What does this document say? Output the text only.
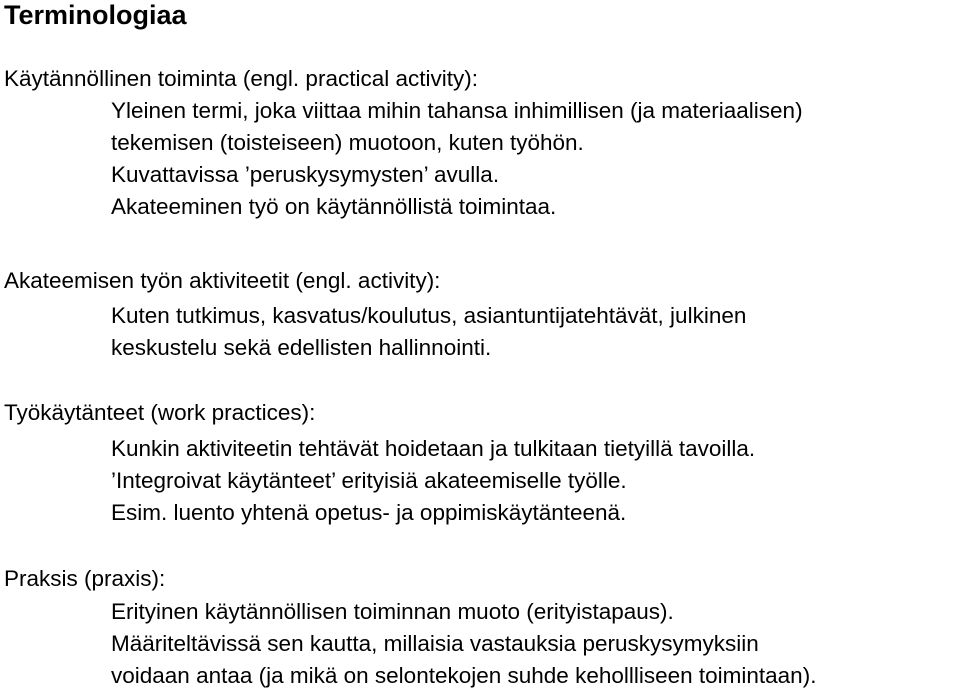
Terminologiaa

Käytännöllinen toiminta (engl. practical activity):

Yleinen termi, joka viittaa mihin tahansa inhimillisen (ja materiaalisen)

tekemisen (toisteiseen) muotoon, kuten työhön.

Kuvattavissa ’peruskysymysten’ avulla.

Akateeminen työ on käytännöllistä toimintaa.

Akateemisen työn aktiviteetit (engl. activity):

Kuten tutkimus, kasvatus/koulutus, asiantuntijatehtävät, julkinen

keskustelu sekä edellisten hallinnointi.

Työkäytänteet (work practices):

Kunkin aktiviteetin tehtävät hoidetaan ja tulkitaan tietyillä tavoilla.

’Integroivat käytänteet’ erityisiä akateemiselle työlle.

Esim. luento yhtenä opetus- ja oppimiskäytänteenä.

Praksis (praxis):

Erityinen käytännöllisen toiminnan muoto (erityistapaus).

Määriteltävissä sen kautta, millaisia vastauksia peruskysymyksiin

voidaan antaa (ja mikä on selontekojen suhde kehollliseen toimintaan).
